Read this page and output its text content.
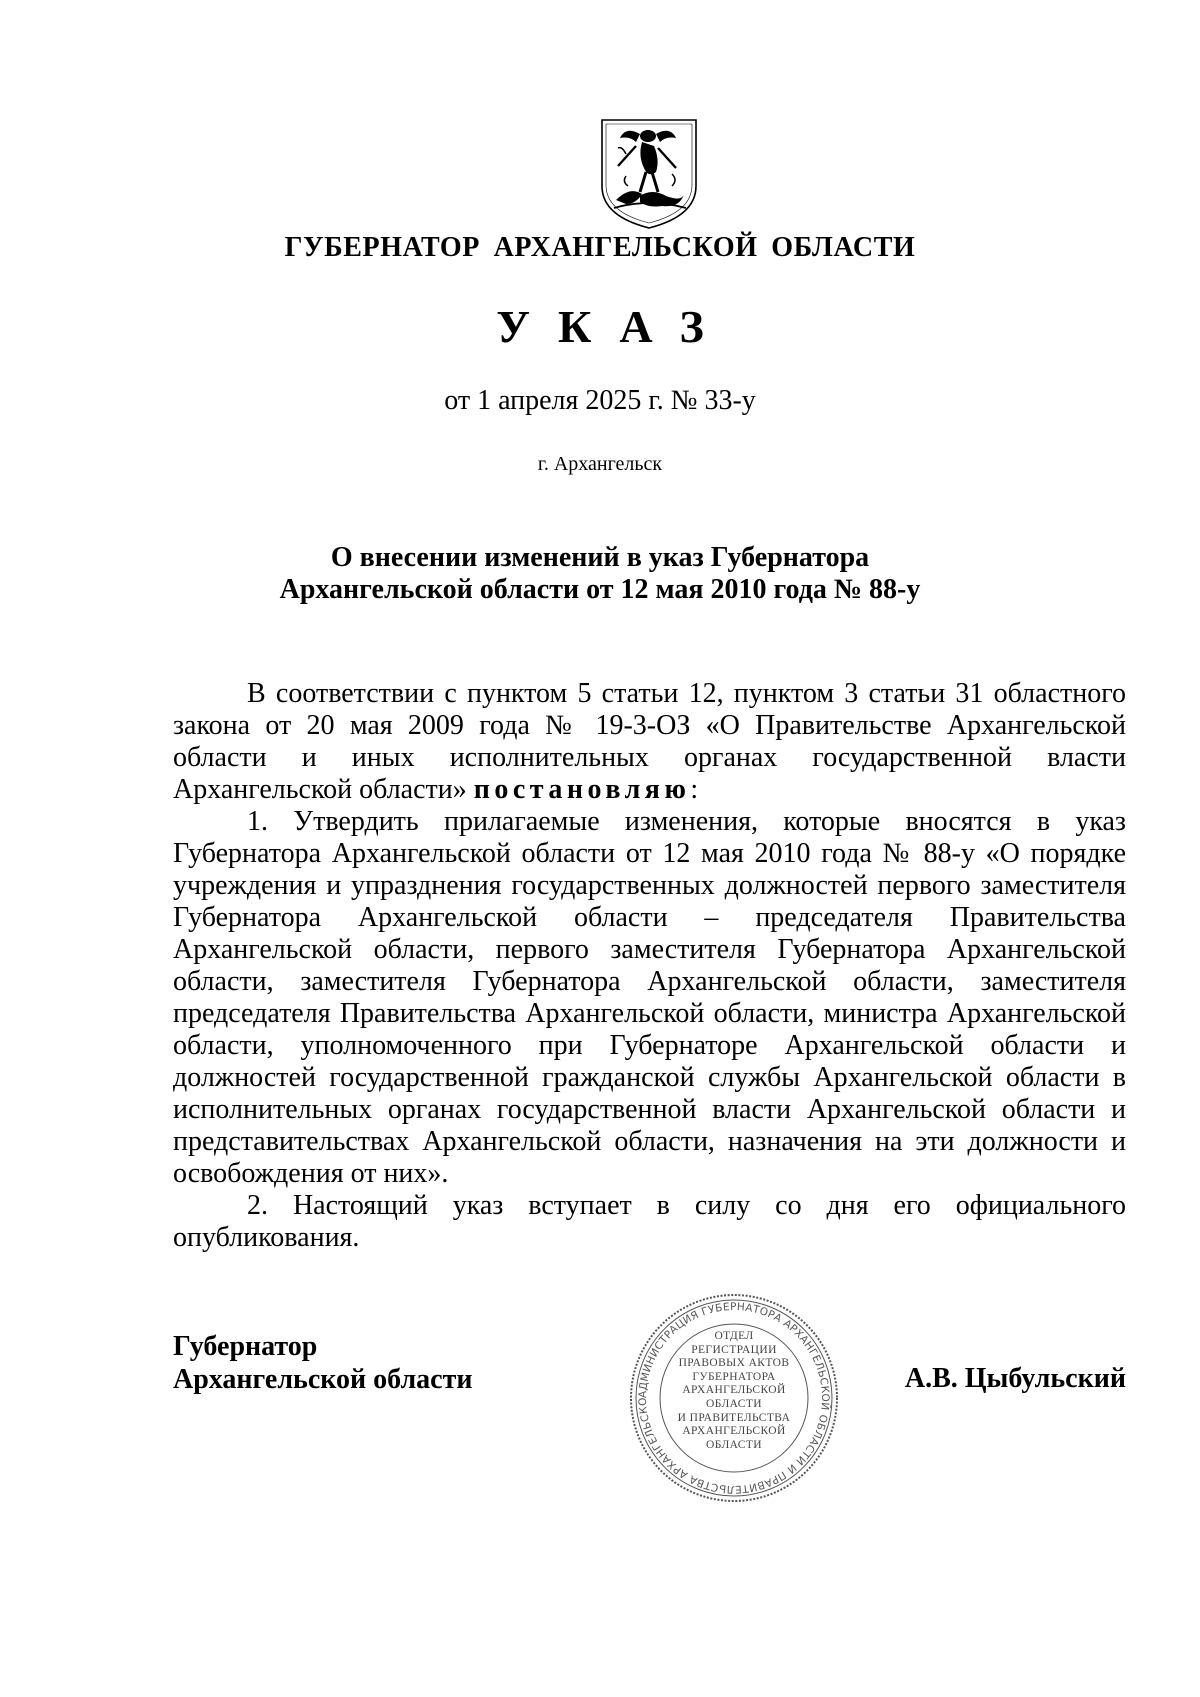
ГУБЕРНАТОР АРХАНГЕЛЬСКОЙ ОБЛАСТИ
УКАЗ
от 1 апреля 2025 г. № 33-у
г. Архангельск
О внесении изменений в указ Губернатора
Архангельской области от 12 мая 2010 года № 88-у

В соответствии с пунктом 5 статьи 12, пунктом 3 статьи 31 областного закона от 20 мая 2009 года № 19-3-ОЗ «О Правительстве Архангельской области и иных исполнительных органах государственной власти Архангельской области» постановляю:

1. Утвердить прилагаемые изменения, которые вносятся в указ Губернатора Архангельской области от 12 мая 2010 года № 88-у «О порядке учреждения и упразднения государственных должностей первого заместителя Губернатора Архангельской области – председателя Правительства Архангельской области, первого заместителя Губернатора Архангельской области, заместителя Губернатора Архангельской области, заместителя председателя Правительства Архангельской области, министра Архангельской области, уполномоченного при Губернаторе Архангельской области и должностей государственной гражданской службы Архангельской области в исполнительных органах государственной власти Архангельской области и представительствах Архангельской области, назначения на эти должности и освобождения от них».

2. Настоящий указ вступает в силу со дня его официального опубликования.

Губернатор
Архангельской области	АДМИНИСТРАЦИЯ ГУБЕРНАТОРА АРХАНГЕЛЬСКОЙ ОБЛАСТИ И ПРАВИТЕЛЬСТВА АРХАНГЕЛЬСКО
ОТДЕЛ
РЕГИСТРАЦИИ
ПРАВОВЫХ АКТОВ
ГУБЕРНАТОРА
АРХАНГЕЛЬСКОЙ
ОБЛАСТИ
И ПРАВИТЕЛЬСТВА
АРХАНГЕЛЬСКОЙ
ОБЛАСТИ
А.В. Цыбульский
